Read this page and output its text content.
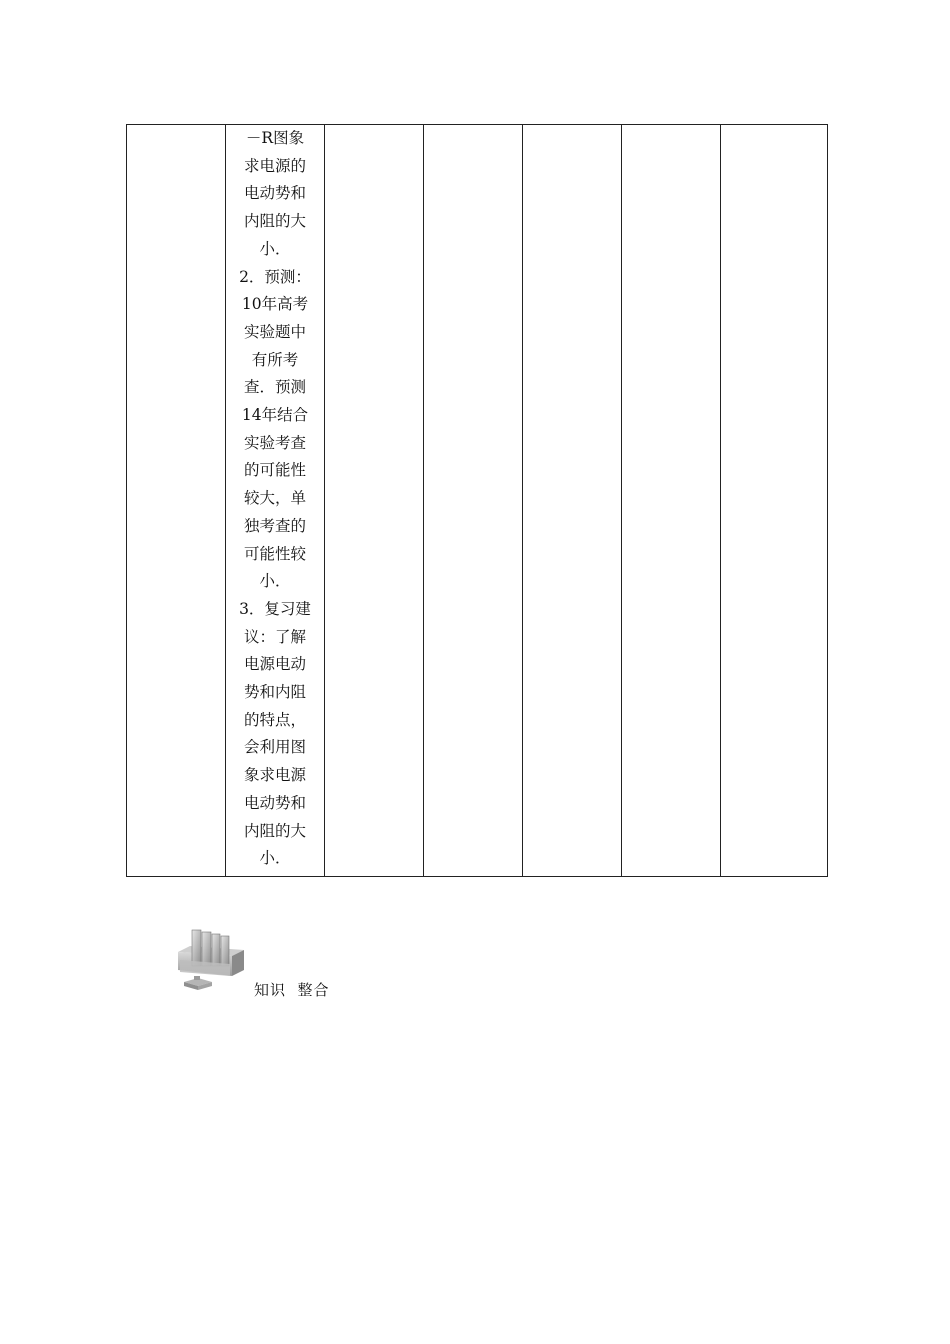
－R图象
求电源的
电动势和
内阻的大
小．
2．预测：
10年高考
实验题中
有所考
查．预测
14年结合
实验考查
的可能性
较大，单
独考查的
可能性较
小．
3．复习建
议：了解
电源电动
势和内阻
的特点，
会利用图
象求电源
电动势和
内阻的大
小．

知识  整合
